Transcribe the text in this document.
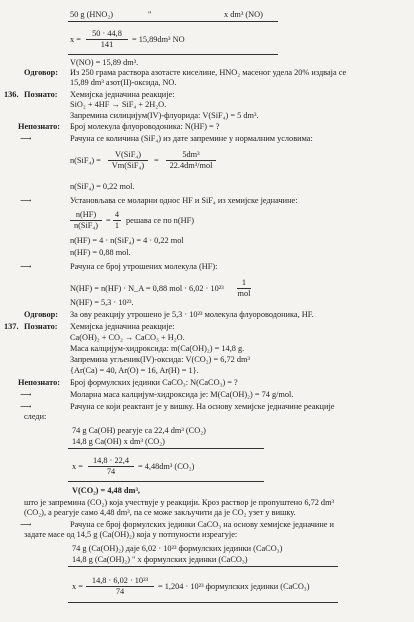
50 g (HNO₂)	"	x dm³ (NO)
x =
50 · 44,8
141
= 15,89dm³ NO
V(NO) = 15,89 dm³.
Одговор: Из 250 грама раствора азотасте киселине, HNO₂ масеног удела 20% издваја се
15,89 dm³ азот(II)-оксида, NO.
136. Познато: Хемијска једначина реакције:
SiO₂ + 4HF → SiF₄ + 2H₂O.
Запремина силицијум(IV)-флуорида: V(SiF₄) = 5 dm³.
Непознато: Број молекула флуороводоника: N(HF) = ?
⟶	Рачуна се количина (SiF₄) из дате запремине у нормалним условима:
n(SiF₄) =
V(SiF₄)
Vm(SiF₄)
=
5dm³
22.4dm³/mol
n(SiF₄) = 0,22 mol.
⟶	Установљава се моларни однос HF и SiF₄ из хемијске једначине:
n(HF)
n(SiF₄)
=
4
1
решава се по n(HF)
n(HF) = 4 · n(SiF₄) = 4 · 0,22 mol
n(HF) = 0,88 mol.
⟶	Рачуна се број утрошених молекула (HF):
N(HF) = n(HF) · N_A = 0,88 mol · 6,02 · 10²³
1
mol
N(HF) = 5,3 · 10²³.
Одговор: За ову реакцију утрошено је 5,3 · 10²³ молекула флуороводоника, HF.
137. Познато: Хемијска једначина реакције:
Ca(OH)₂ + CO₂ → CaCO₃ + H₂O.
Маса калцијум-хидроксида: m(Ca(OH)₂) = 14,8 g.
Запремина угљеник(IV)-оксида: V(CO₂) = 6,72 dm³
{Ar(Ca) = 40, Ar(O) = 16, Ar(H) = 1}.
Непознато: Број формулских јединки CaCO₃: N(CaCO₃) = ?
⟶	Моларна маса калцијум-хидроксида је: M(Ca(OH)₂) = 74 g/mol.
⟶	Рачуна се који реактант је у вишку. На основу хемијске једначине реакције
следи:
74 g Ca(OH) реагује са 22,4 dm³ (CO₂)
14,8 g Ca(OH) x dm³ (CO₂)
x =
14,8 · 22,4
74
= 4,48dm³ (CO₂)
V(CO₂) = 4,48 dm³,
што је запремина (CO₂) која учествује у реакцији. Кроз раствор је пропуштено 6,72 dm³
(CO₂), а реагује само 4,48 dm³, па се може закључити да је CO₂ узет у вишку.
⟶	Рачуна се број формулских јединки CaCO₃ на основу хемијске једначине и
задате масе од 14,5 g (Ca(OH)₂) која у потпуности изреагује:
74 g (Ca(OH)₂) даје 6,02 · 10²³ формулских јединки (CaCO₃)
14,8 g (Ca(OH)₂) " x формулских јединки (CaCO₃)
x =
14,8 · 6,02 · 10²³
74
= 1,204 · 10²³ формулских јединки (CaCO₃)
